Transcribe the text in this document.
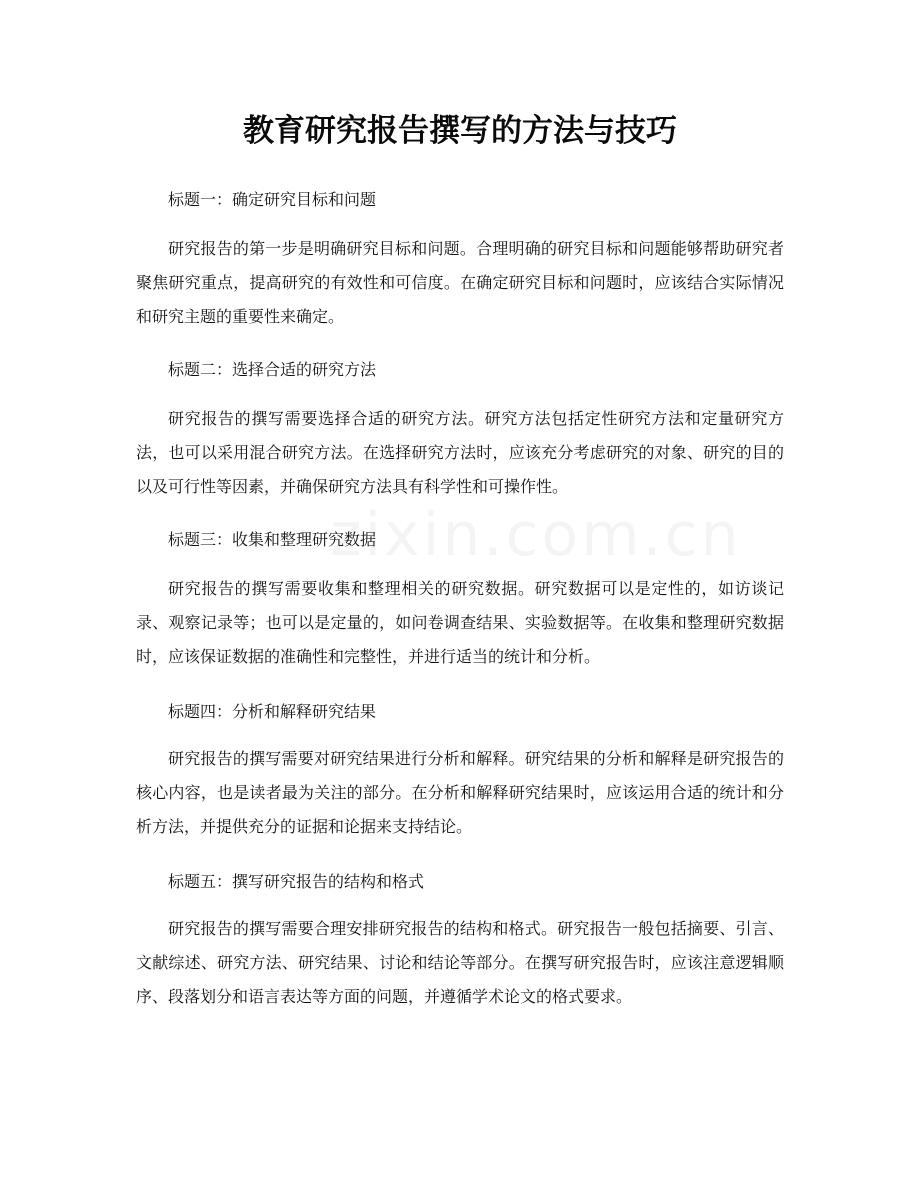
教育研究报告撰写的方法与技巧

标题一：确定研究目标和问题

研究报告的第一步是明确研究目标和问题。合理明确的研究目标和问题能够帮助研究者聚焦研究重点，提高研究的有效性和可信度。在确定研究目标和问题时，应该结合实际情况和研究主题的重要性来确定。

标题二：选择合适的研究方法

研究报告的撰写需要选择合适的研究方法。研究方法包括定性研究方法和定量研究方法，也可以采用混合研究方法。在选择研究方法时，应该充分考虑研究的对象、研究的目的以及可行性等因素，并确保研究方法具有科学性和可操作性。

标题三：收集和整理研究数据

研究报告的撰写需要收集和整理相关的研究数据。研究数据可以是定性的，如访谈记录、观察记录等；也可以是定量的，如问卷调查结果、实验数据等。在收集和整理研究数据时，应该保证数据的准确性和完整性，并进行适当的统计和分析。

标题四：分析和解释研究结果

研究报告的撰写需要对研究结果进行分析和解释。研究结果的分析和解释是研究报告的核心内容，也是读者最为关注的部分。在分析和解释研究结果时，应该运用合适的统计和分析方法，并提供充分的证据和论据来支持结论。

标题五：撰写研究报告的结构和格式

研究报告的撰写需要合理安排研究报告的结构和格式。研究报告一般包括摘要、引言、文献综述、研究方法、研究结果、讨论和结论等部分。在撰写研究报告时，应该注意逻辑顺序、段落划分和语言表达等方面的问题，并遵循学术论文的格式要求。
